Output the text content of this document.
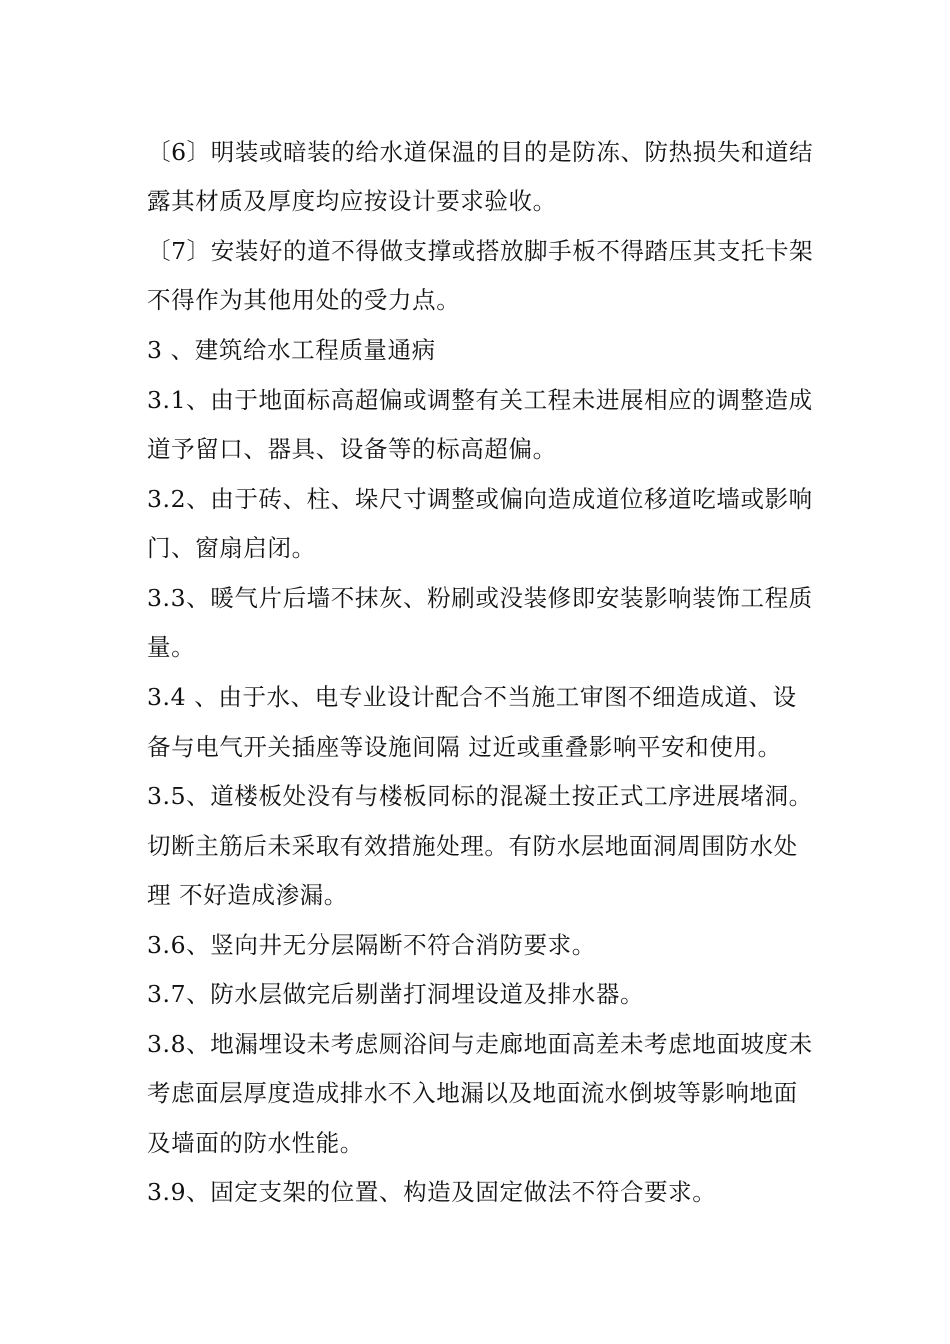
〔6〕明装或暗装的给水道保温的目的是防冻、防热损失和道结
露其材质及厚度均应按设计要求验收。
〔7〕安装好的道不得做支撑或搭放脚手板不得踏压其支托卡架
不得作为其他用处的受力点。
3 、建筑给水工程质量通病
3.1、由于地面标高超偏或调整有关工程未进展相应的调整造成
道予留口、器具、设备等的标高超偏。
3.2、由于砖、柱、垛尺寸调整或偏向造成道位移道吃墙或影响
门、窗扇启闭。
3.3、暖气片后墙不抹灰、粉刷或没装修即安装影响装饰工程质
量。
3.4 、由于水、电专业设计配合不当施工审图不细造成道、设
备与电气开关插座等设施间隔 过近或重叠影响平安和使用。
3.5、道楼板处没有与楼板同标的混凝土按正式工序进展堵洞。
切断主筋后未采取有效措施处理。有防水层地面洞周围防水处
理 不好造成渗漏。
3.6、竖向井无分层隔断不符合消防要求。
3.7、防水层做完后剔凿打洞埋设道及排水器。
3.8、地漏埋设未考虑厕浴间与走廊地面高差未考虑地面坡度未
考虑面层厚度造成排水不入地漏以及地面流水倒坡等影响地面
及墙面的防水性能。
3.9、固定支架的位置、构造及固定做法不符合要求。
